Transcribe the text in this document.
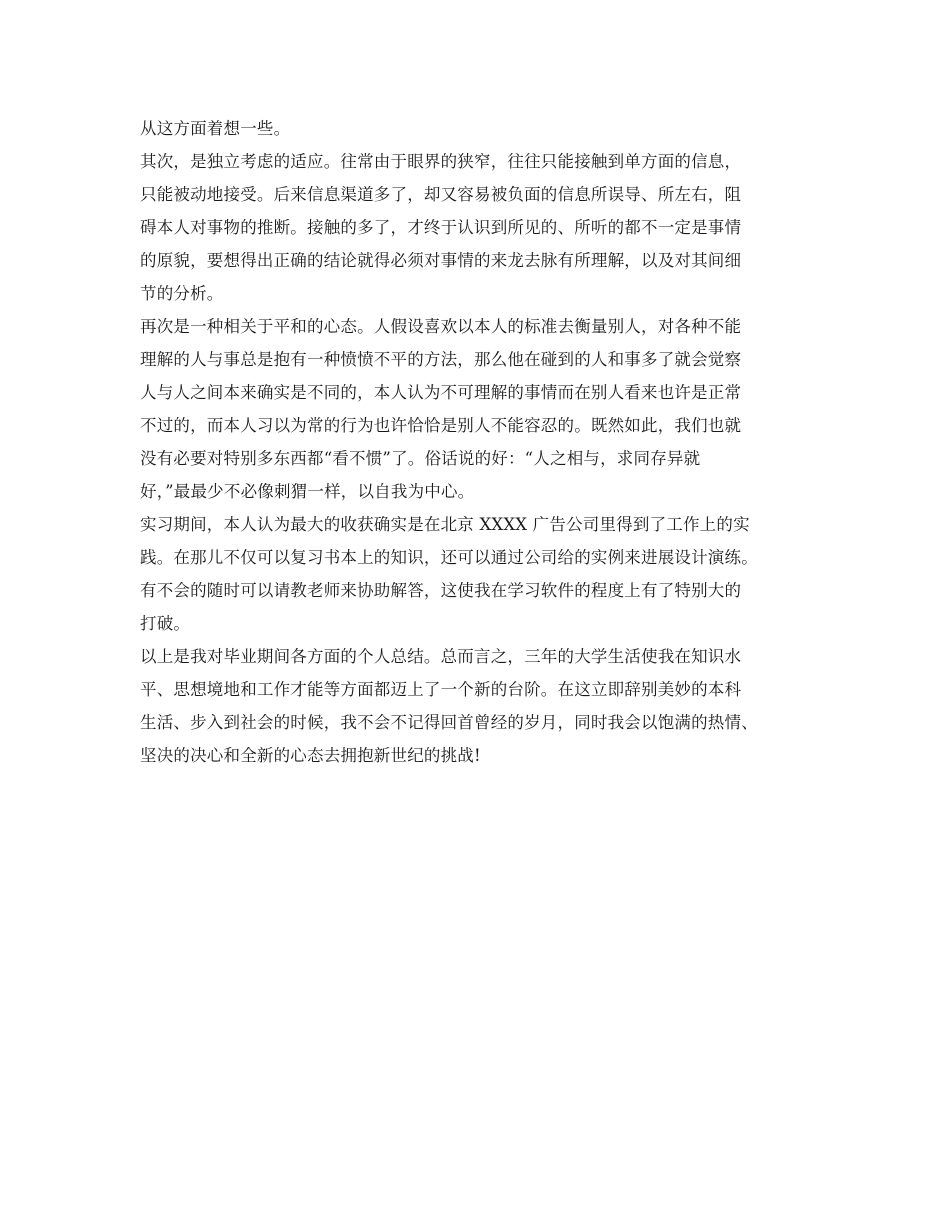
从这方面着想一些。
其次，是独立考虑的适应。往常由于眼界的狭窄，往往只能接触到单方面的信息，
只能被动地接受。后来信息渠道多了，却又容易被负面的信息所误导、所左右，阻
碍本人对事物的推断。接触的多了，才终于认识到所见的、所听的都不一定是事情
的原貌，要想得出正确的结论就得必须对事情的来龙去脉有所理解，以及对其间细
节的分析。
再次是一种相关于平和的心态。人假设喜欢以本人的标准去衡量别人，对各种不能
理解的人与事总是抱有一种愤愤不平的方法，那么他在碰到的人和事多了就会觉察
人与人之间本来确实是不同的，本人认为不可理解的事情而在别人看来也许是正常
不过的，而本人习以为常的行为也许恰恰是别人不能容忍的。既然如此，我们也就
没有必要对特别多东西都“看不惯”了。俗话说的好：“人之相与，求同存异就
好，”最最少不必像刺猬一样，以自我为中心。
实习期间，本人认为最大的收获确实是在北京 XXXX 广告公司里得到了工作上的实
践。在那儿不仅可以复习书本上的知识，还可以通过公司给的实例来进展设计演练。
有不会的随时可以请教老师来协助解答，这使我在学习软件的程度上有了特别大的
打破。
以上是我对毕业期间各方面的个人总结。总而言之，三年的大学生活使我在知识水
平、思想境地和工作才能等方面都迈上了一个新的台阶。在这立即辞别美妙的本科
生活、步入到社会的时候，我不会不记得回首曾经的岁月，同时我会以饱满的热情、
坚决的决心和全新的心态去拥抱新世纪的挑战!
